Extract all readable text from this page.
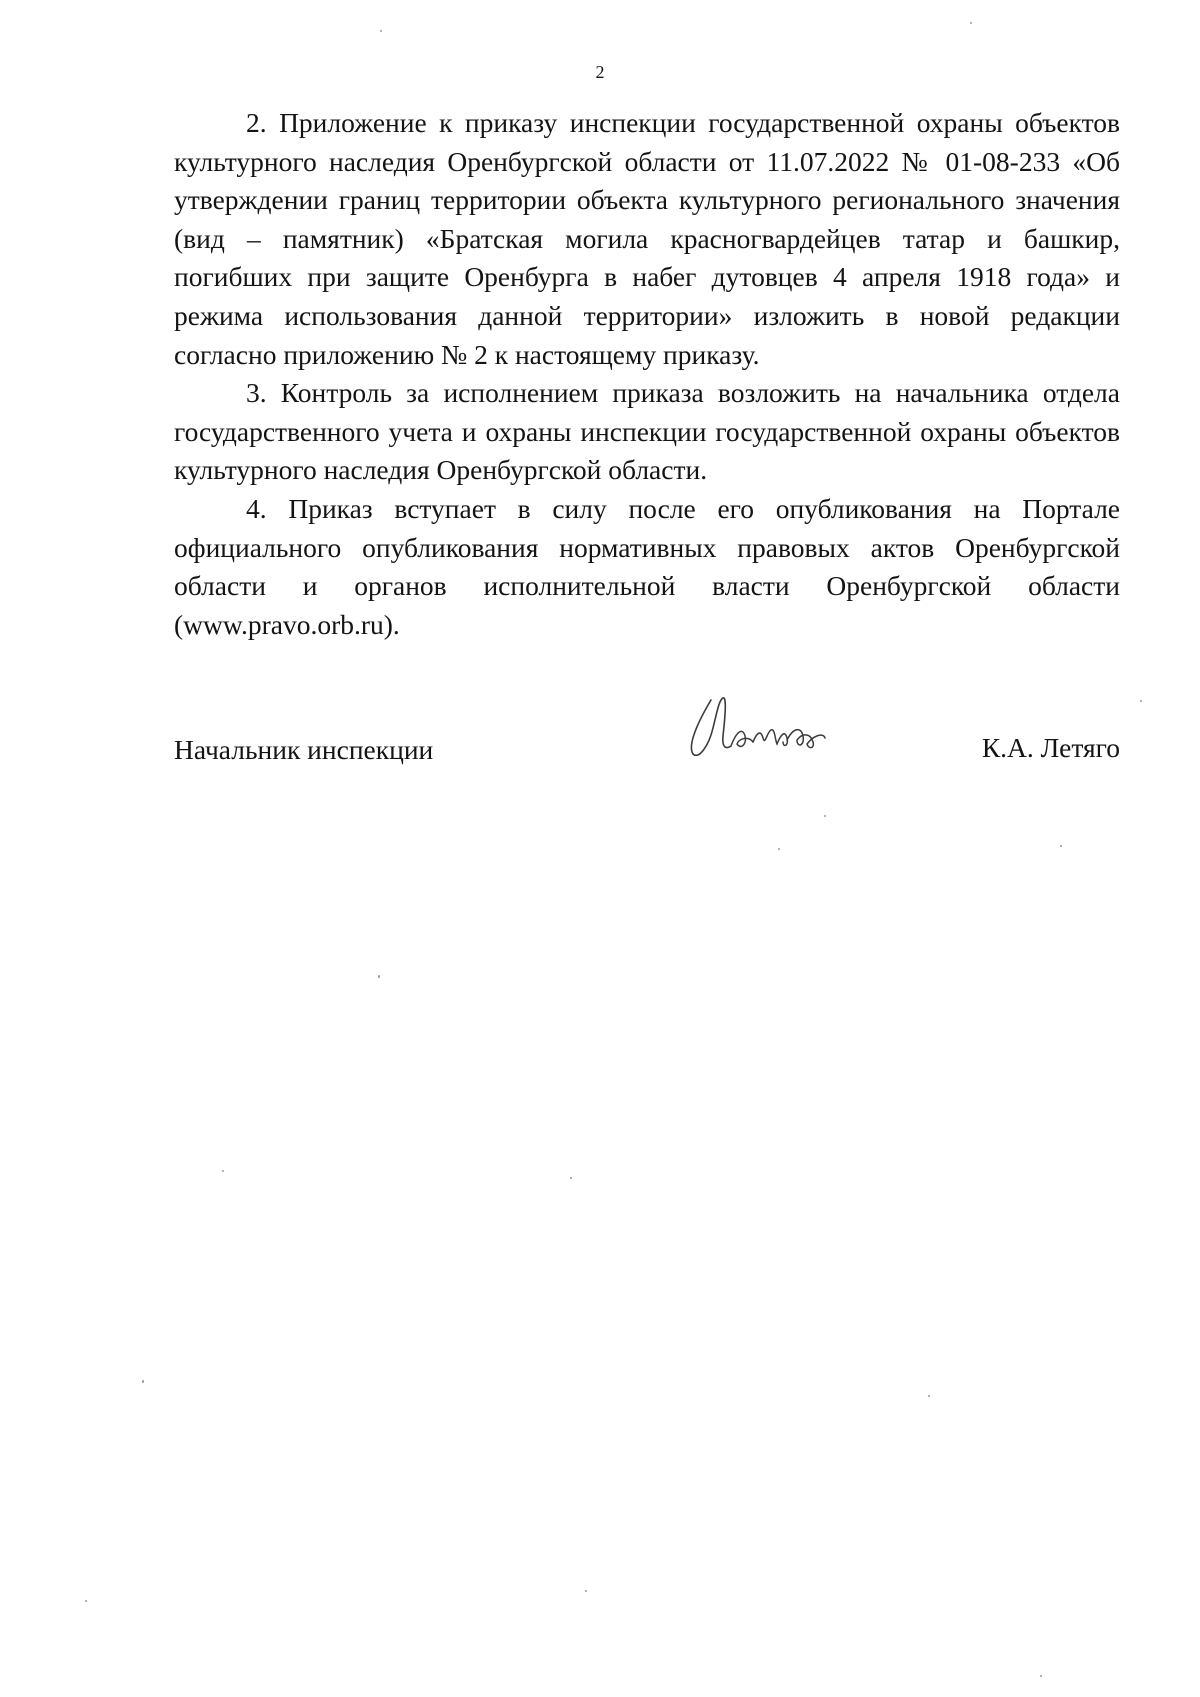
2

2. Приложение к приказу инспекции государственной охраны объектов культурного наследия Оренбургской области от 11.07.2022 № 01-08-233 «Об утверждении границ территории объекта культурного регионального значения (вид – памятник) «Братская могила красногвардейцев татар и башкир, погибших при защите Оренбурга в набег дутовцев 4 апреля 1918 года» и режима использования данной территории» изложить в новой редакции согласно приложению № 2 к настоящему приказу.

3. Контроль за исполнением приказа возложить на начальника отдела государственного учета и охраны инспекции государственной охраны объектов культурного наследия Оренбургской области.

4. Приказ вступает в силу после его опубликования на Портале официального опубликования нормативных правовых актов Оренбургской области и органов исполнительной власти Оренбургской области (www.pravo.orb.ru).

Начальник инспекции	К.А. Летяго
